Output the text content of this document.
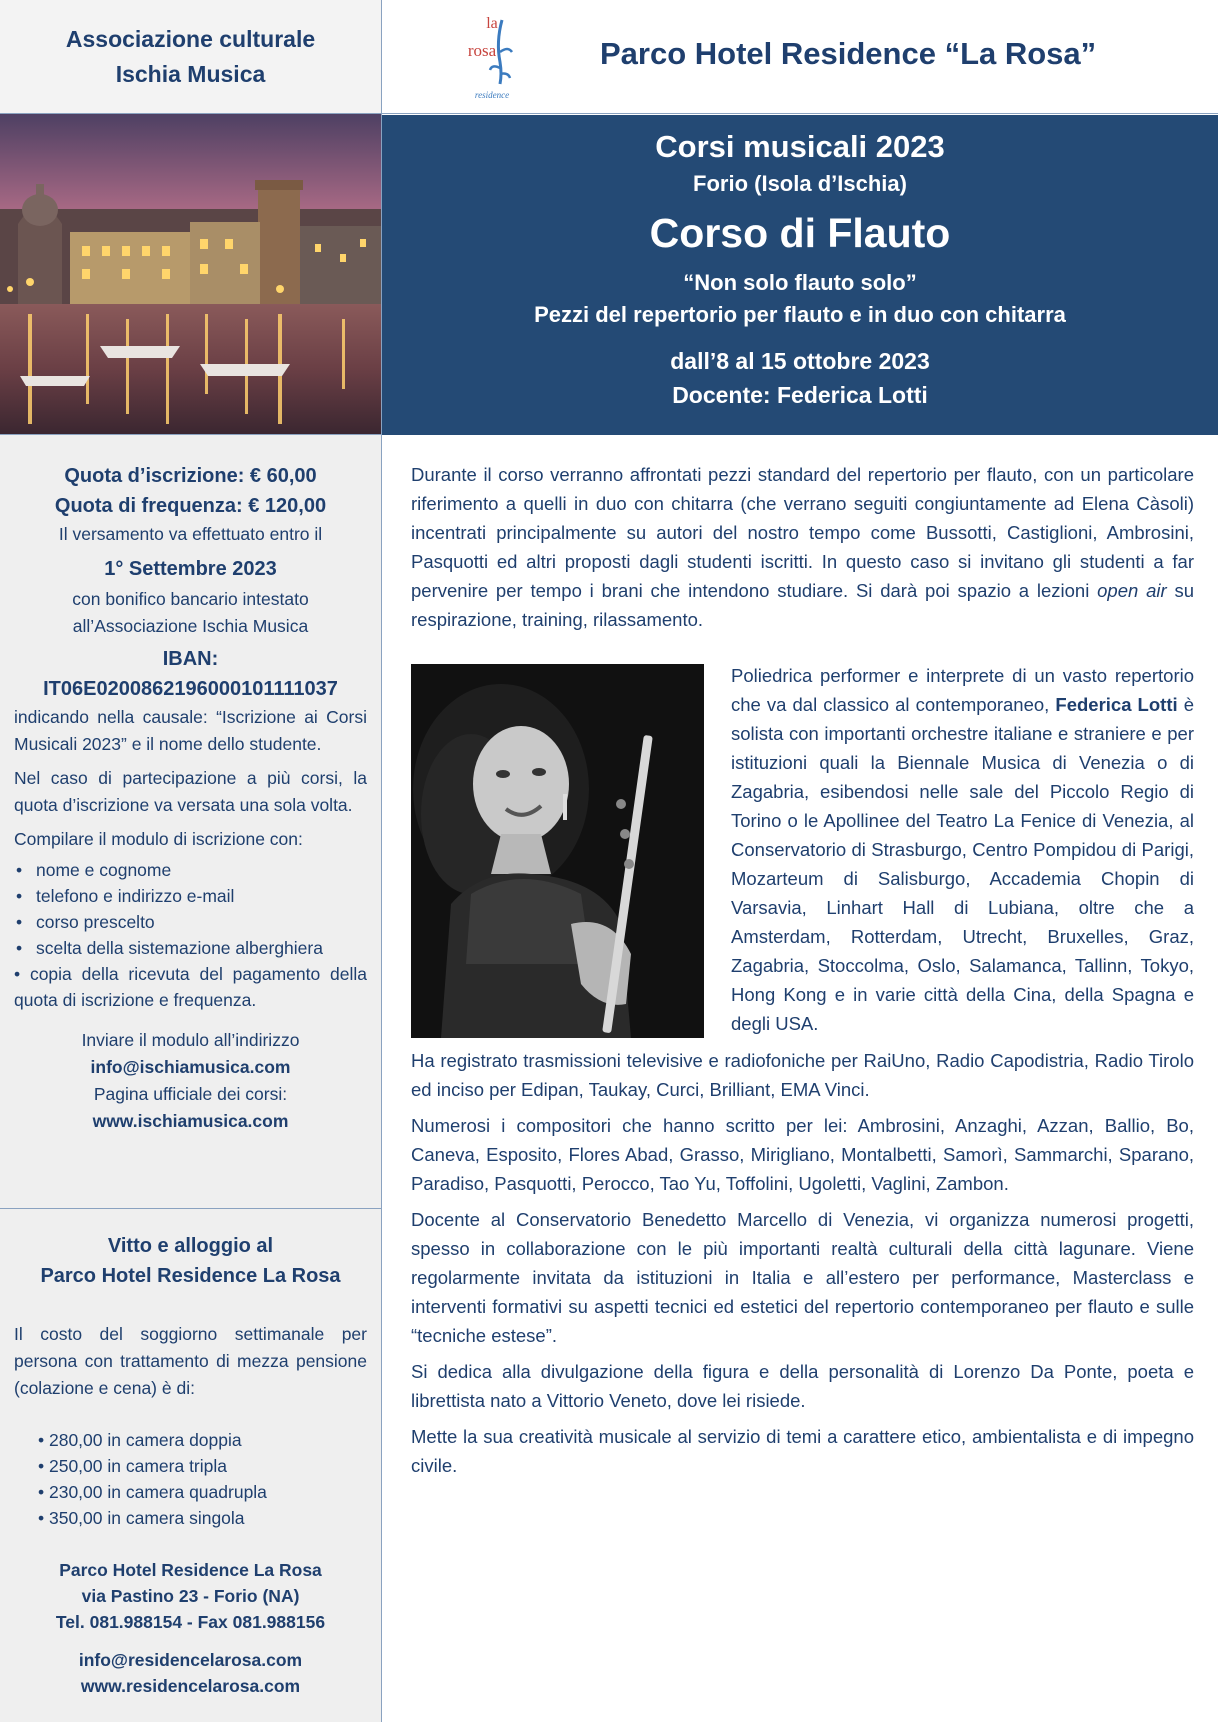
Associazione culturale
Ischia Musica
Quota d’iscrizione: € 60,00
Quota di frequenza: € 120,00

Il versamento va effettuato entro il

1° Settembre 2023

con bonifico bancario intestato

all’Associazione Ischia Musica

IBAN:
IT06E0200862196000101111037

indicando nella causale: “Iscrizione ai Corsi Musicali 2023” e il nome dello studente.

Nel caso di partecipazione a più corsi, la quota d’iscrizione va versata una sola volta.

Compilare il modulo di iscrizione con:

• nome e cognome
• telefono e indirizzo e-mail
• corso prescelto
• scelta della sistemazione alberghiera
• copia della ricevuta del pagamento della quota di iscrizione e frequenza.

Inviare il modulo all’indirizzo

info@ischiamusica.com

Pagina ufficiale dei corsi:

www.ischiamusica.com

Vitto e alloggio al
Parco Hotel Residence La Rosa

Il costo del soggiorno settimanale per persona con trattamento di mezza pensione (colazione e cena) è di:

• 280,00 in camera doppia
• 250,00 in camera tripla
• 230,00 in camera quadrupla
• 350,00 in camera singola
Parco Hotel Residence La Rosa
via Pastino 23 - Forio (NA)
Tel. 081.988154 - Fax 081.988156
info@residencelarosa.com
www.residencelarosa.com
la
rosa
residence
Parco Hotel Residence “La Rosa”
Corsi musicali 2023
Forio (Isola d’Ischia)
Corso di Flauto
“Non solo flauto solo”
Pezzi del repertorio per flauto e in duo con chitarra
dall’8 al 15 ottobre 2023
Docente: Federica Lotti

Durante il corso verranno affrontati pezzi standard del repertorio per flauto, con un particolare riferimento a quelli in duo con chitarra (che verrano seguiti congiuntamente ad Elena Càsoli) incentrati principalmente su autori del nostro tempo come Bussotti, Castiglioni, Ambrosini, Pasquotti ed altri proposti dagli studenti iscritti. In questo caso si invitano gli studenti a far pervenire per tempo i brani che intendono studiare. Si darà poi spazio a lezioni open air su respirazione, training, rilassamento.

Poliedrica performer e interprete di un vasto repertorio che va dal classico al contemporaneo, Federica Lotti è solista con importanti orchestre italiane e straniere e per istituzioni quali la Biennale Musica di Venezia o di Zagabria, esibendosi nelle sale del Piccolo Regio di Torino o le Apollinee del Teatro La Fenice di Venezia, al Conservatorio di Strasburgo, Centro Pompidou di Parigi, Mozarteum di Salisburgo, Accademia Chopin di Varsavia, Linhart Hall di Lubiana, oltre che a Amsterdam, Rotterdam, Utrecht, Bruxelles, Graz, Zagabria, Stoccolma, Oslo, Salamanca, Tallinn, Tokyo, Hong Kong e in varie città della Cina, della Spagna e degli USA.

Ha registrato trasmissioni televisive e radiofoniche per RaiUno, Radio Capodistria, Radio Tirolo ed inciso per Edipan, Taukay, Curci, Brilliant, EMA Vinci.

Numerosi i compositori che hanno scritto per lei: Ambrosini, Anzaghi, Azzan, Ballio, Bo, Caneva, Esposito, Flores Abad, Grasso, Mirigliano, Montalbetti, Samorì, Sammarchi, Sparano, Paradiso, Pasquotti, Perocco, Tao Yu, Toffolini, Ugoletti, Vaglini, Zambon.

Docente al Conservatorio Benedetto Marcello di Venezia, vi organizza numerosi progetti, spesso in collaborazione con le più importanti realtà culturali della città lagunare. Viene regolarmente invitata da istituzioni in Italia e all’estero per performance, Masterclass e interventi formativi su aspetti tecnici ed estetici del repertorio contemporaneo per flauto e sulle “tecniche estese”.

Si dedica alla divulgazione della figura e della personalità di Lorenzo Da Ponte, poeta e librettista nato a Vittorio Veneto, dove lei risiede.

Mette la sua creatività musicale al servizio di temi a carattere etico, ambientalista e di impegno civile.
